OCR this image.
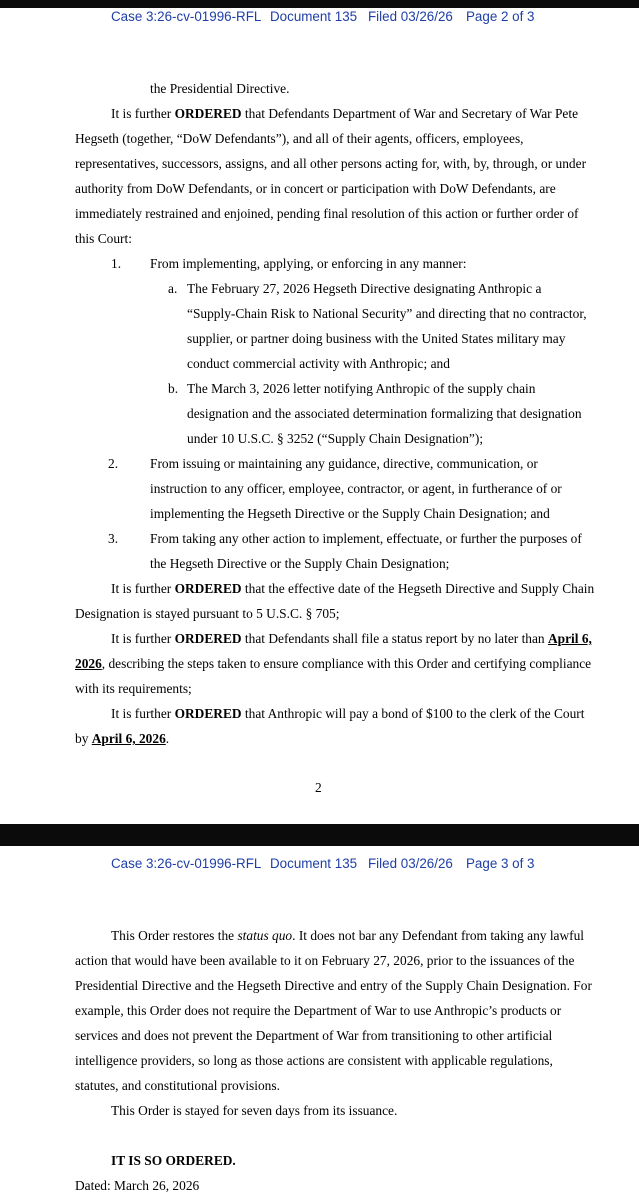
Case 3:26-cv-01996-RFL

Document 135

Filed 03/26/26

Page 2 of 3

the Presidential Directive.
It is further ORDERED that Defendants Department of War and Secretary of War Pete
Hegseth (together, “DoW Defendants”), and all of their agents, officers, employees,
representatives, successors, assigns, and all other persons acting for, with, by, through, or under
authority from DoW Defendants, or in concert or participation with DoW Defendants, are
immediately restrained and enjoined, pending final resolution of this action or further order of
this Court:
1. From implementing, applying, or enforcing in any manner:
a. The February 27, 2026 Hegseth Directive designating Anthropic a
“Supply-Chain Risk to National Security” and directing that no contractor,
supplier, or partner doing business with the United States military may
conduct commercial activity with Anthropic; and
b. The March 3, 2026 letter notifying Anthropic of the supply chain
designation and the associated determination formalizing that designation
under 10 U.S.C. § 3252 (“Supply Chain Designation”);
2. From issuing or maintaining any guidance, directive, communication, or
instruction to any officer, employee, contractor, or agent, in furtherance of or
implementing the Hegseth Directive or the Supply Chain Designation; and
3. From taking any other action to implement, effectuate, or further the purposes of
the Hegseth Directive or the Supply Chain Designation;
It is further ORDERED that the effective date of the Hegseth Directive and Supply Chain
Designation is stayed pursuant to 5 U.S.C. § 705;
It is further ORDERED that Defendants shall file a status report by no later than April 6,
2026, describing the steps taken to ensure compliance with this Order and certifying compliance
with its requirements;
It is further ORDERED that Anthropic will pay a bond of $100 to the clerk of the Court
by April 6, 2026.
2

Case 3:26-cv-01996-RFL

Document 135

Filed 03/26/26

Page 3 of 3

This Order restores the status quo. It does not bar any Defendant from taking any lawful
action that would have been available to it on February 27, 2026, prior to the issuances of the
Presidential Directive and the Hegseth Directive and entry of the Supply Chain Designation. For
example, this Order does not require the Department of War to use Anthropic’s products or
services and does not prevent the Department of War from transitioning to other artificial
intelligence providers, so long as those actions are consistent with applicable regulations,
statutes, and constitutional provisions.
This Order is stayed for seven days from its issuance.
IT IS SO ORDERED.
Dated: March 26, 2026
